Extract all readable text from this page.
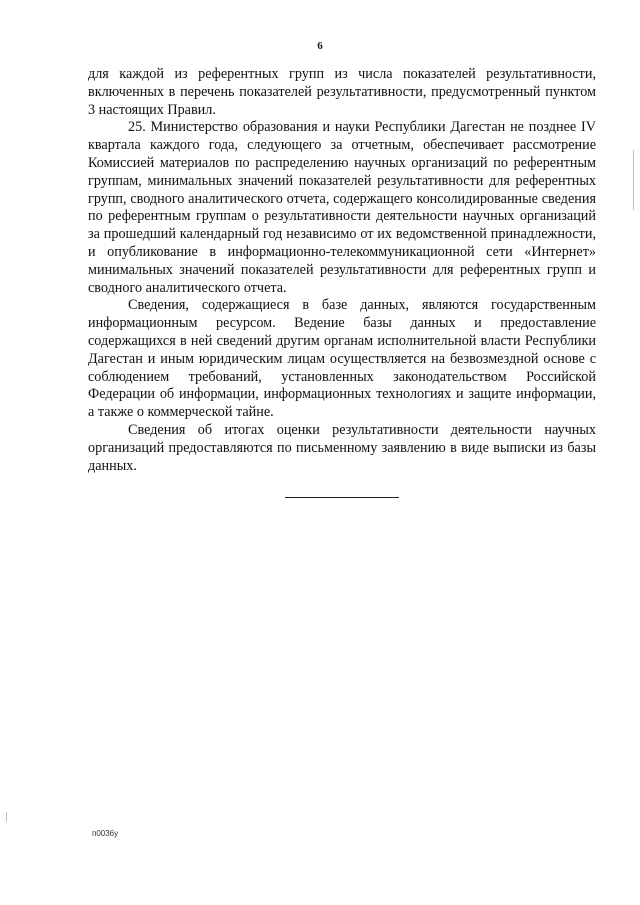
6

для каждой из референтных групп из числа показателей результативности, включенных в перечень показателей результативности, предусмотренный пунктом 3 настоящих Правил.

25. Министерство образования и науки Республики Дагестан не позднее IV квартала каждого года, следующего за отчетным, обеспечивает рассмотрение Комиссией материалов по распределению научных организаций по референтным группам, минимальных значений показателей результативности для референтных групп, сводного аналитического отчета, содержащего консолидированные сведения по референтным группам о результативности деятельности научных организаций за прошедший календарный год независимо от их ведомственной принадлежности, и опубликование в информационно-телекоммуникационной сети «Интернет» минимальных значений показателей результативности для референтных групп и сводного аналитического отчета.

Сведения, содержащиеся в базе данных, являются государственным информационным ресурсом. Ведение базы данных и предоставление содержащихся в ней сведений другим органам исполнительной власти Республики Дагестан и иным юридическим лицам осуществляется на безвозмездной основе с соблюдением требований, установленных законодательством Российской Федерации об информации, информационных технологиях и защите информации, а также о коммерческой тайне.

Сведения об итогах оценки результативности деятельности научных организаций предоставляются по письменному заявлению в виде выписки из базы данных.

п0036у
